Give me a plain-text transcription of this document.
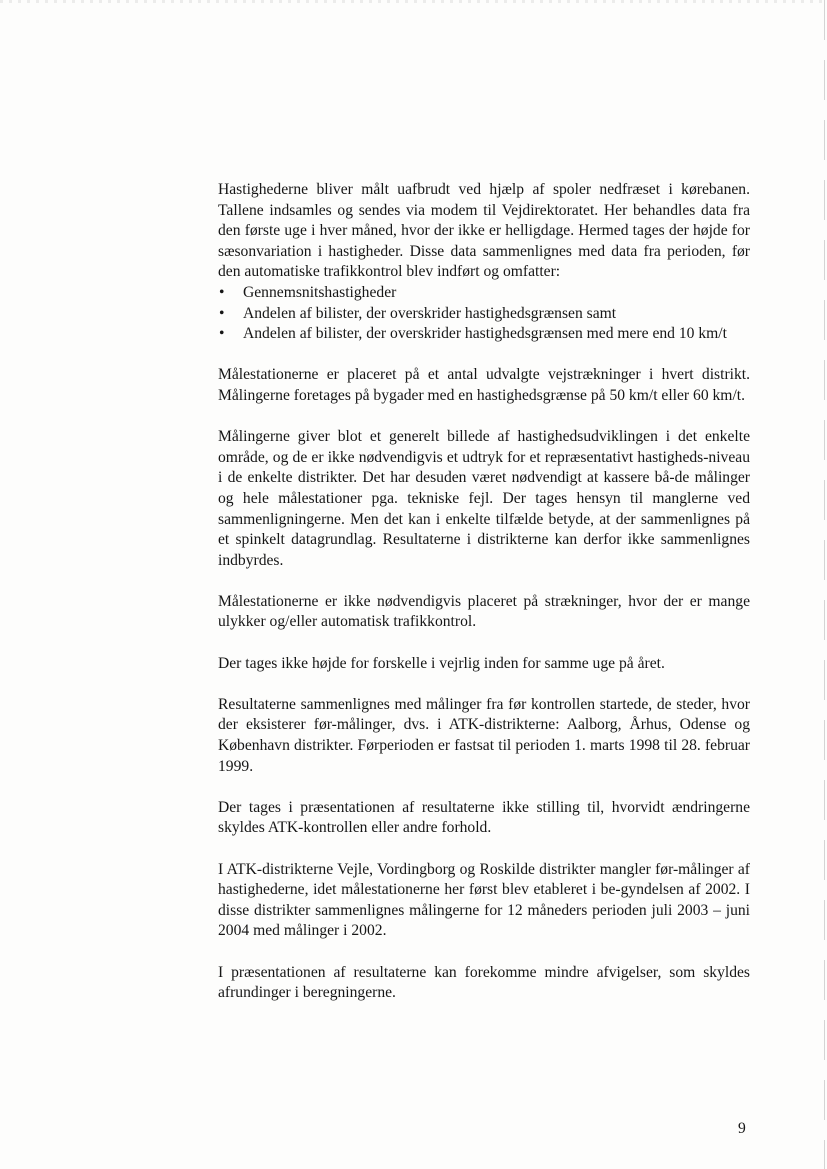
Hastighederne bliver målt uafbrudt ved hjælp af spoler nedfræset i kørebanen. Tallene indsamles og sendes via modem til Vejdirektoratet. Her behandles data fra den første uge i hver måned, hvor der ikke er helligdage. Hermed tages der højde for sæsonvariation i hastigheder. Disse data sammenlignes med data fra perioden, før den automatiske trafikkontrol blev indført og omfatter:

• Gennemsnitshastigheder
• Andelen af bilister, der overskrider hastighedsgrænsen samt
• Andelen af bilister, der overskrider hastighedsgrænsen med mere end 10 km/t

Målestationerne er placeret på et antal udvalgte vejstrækninger i hvert distrikt. Målingerne foretages på bygader med en hastighedsgrænse på 50 km/t eller 60 km/t.

Målingerne giver blot et generelt billede af hastighedsudviklingen i det enkelte område, og de er ikke nødvendigvis et udtryk for et repræsentativt hastigheds-niveau i de enkelte distrikter. Det har desuden været nødvendigt at kassere bå-de målinger og hele målestationer pga. tekniske fejl. Der tages hensyn til manglerne ved sammenligningerne. Men det kan i enkelte tilfælde betyde, at der sammenlignes på et spinkelt datagrundlag. Resultaterne i distrikterne kan derfor ikke sammenlignes indbyrdes.

Målestationerne er ikke nødvendigvis placeret på strækninger, hvor der er mange ulykker og/eller automatisk trafikkontrol.

Der tages ikke højde for forskelle i vejrlig inden for samme uge på året.

Resultaterne sammenlignes med målinger fra før kontrollen startede, de steder, hvor der eksisterer før-målinger, dvs. i ATK-distrikterne: Aalborg, Århus, Odense og København distrikter. Førperioden er fastsat til perioden 1. marts 1998 til 28. februar 1999.

Der tages i præsentationen af resultaterne ikke stilling til, hvorvidt ændringerne skyldes ATK-kontrollen eller andre forhold.

I ATK-distrikterne Vejle, Vordingborg og Roskilde distrikter mangler før-målinger af hastighederne, idet målestationerne her først blev etableret i be-gyndelsen af 2002. I disse distrikter sammenlignes målingerne for 12 måneders perioden juli 2003 – juni 2004 med målinger i 2002.

I præsentationen af resultaterne kan forekomme mindre afvigelser, som skyldes afrundinger i beregningerne.

9
